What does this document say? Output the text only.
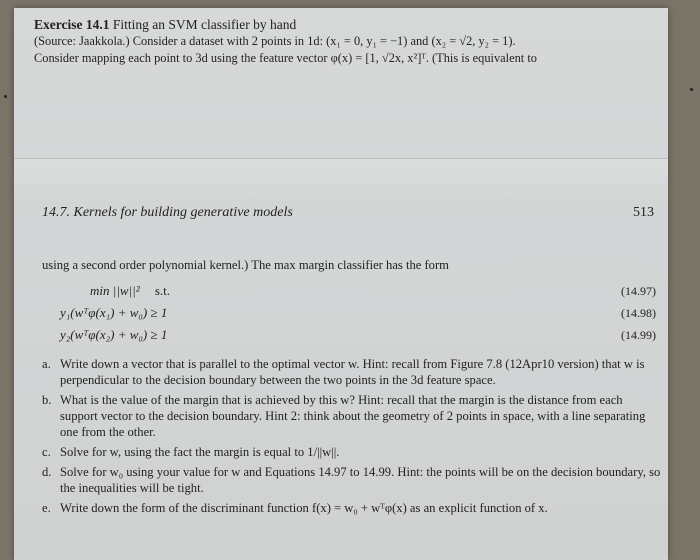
Exercise 14.1 Fitting an SVM classifier by hand
(Source: Jaakkola.) Consider a dataset with 2 points in 1d: (x₁ = 0, y₁ = −1) and (x₂ = √2, y₂ = 1).
Consider mapping each point to 3d using the feature vector φ(x) = [1, √2x, x²]ᵀ. (This is equivalent to
14.7. Kernels for building generative models	513
using a second order polynomial kernel.) The max margin classifier has the form
min ||w||² s.t.	(14.97)
y₁(wᵀφ(x₁) + w₀) ≥ 1	(14.98)
y₂(wᵀφ(x₂) + w₀) ≥ 1	(14.99)
a. Write down a vector that is parallel to the optimal vector w. Hint: recall from Figure 7.8 (12Apr10 version) that w is perpendicular to the decision boundary between the two points in the 3d feature space.
b. What is the value of the margin that is achieved by this w? Hint: recall that the margin is the distance from each support vector to the decision boundary. Hint 2: think about the geometry of 2 points in space, with a line separating one from the other.
c. Solve for w, using the fact the margin is equal to 1/||w||.
d. Solve for w₀ using your value for w and Equations 14.97 to 14.99. Hint: the points will be on the decision boundary, so the inequalities will be tight.
e. Write down the form of the discriminant function f(x) = w₀ + wᵀφ(x) as an explicit function of x.
